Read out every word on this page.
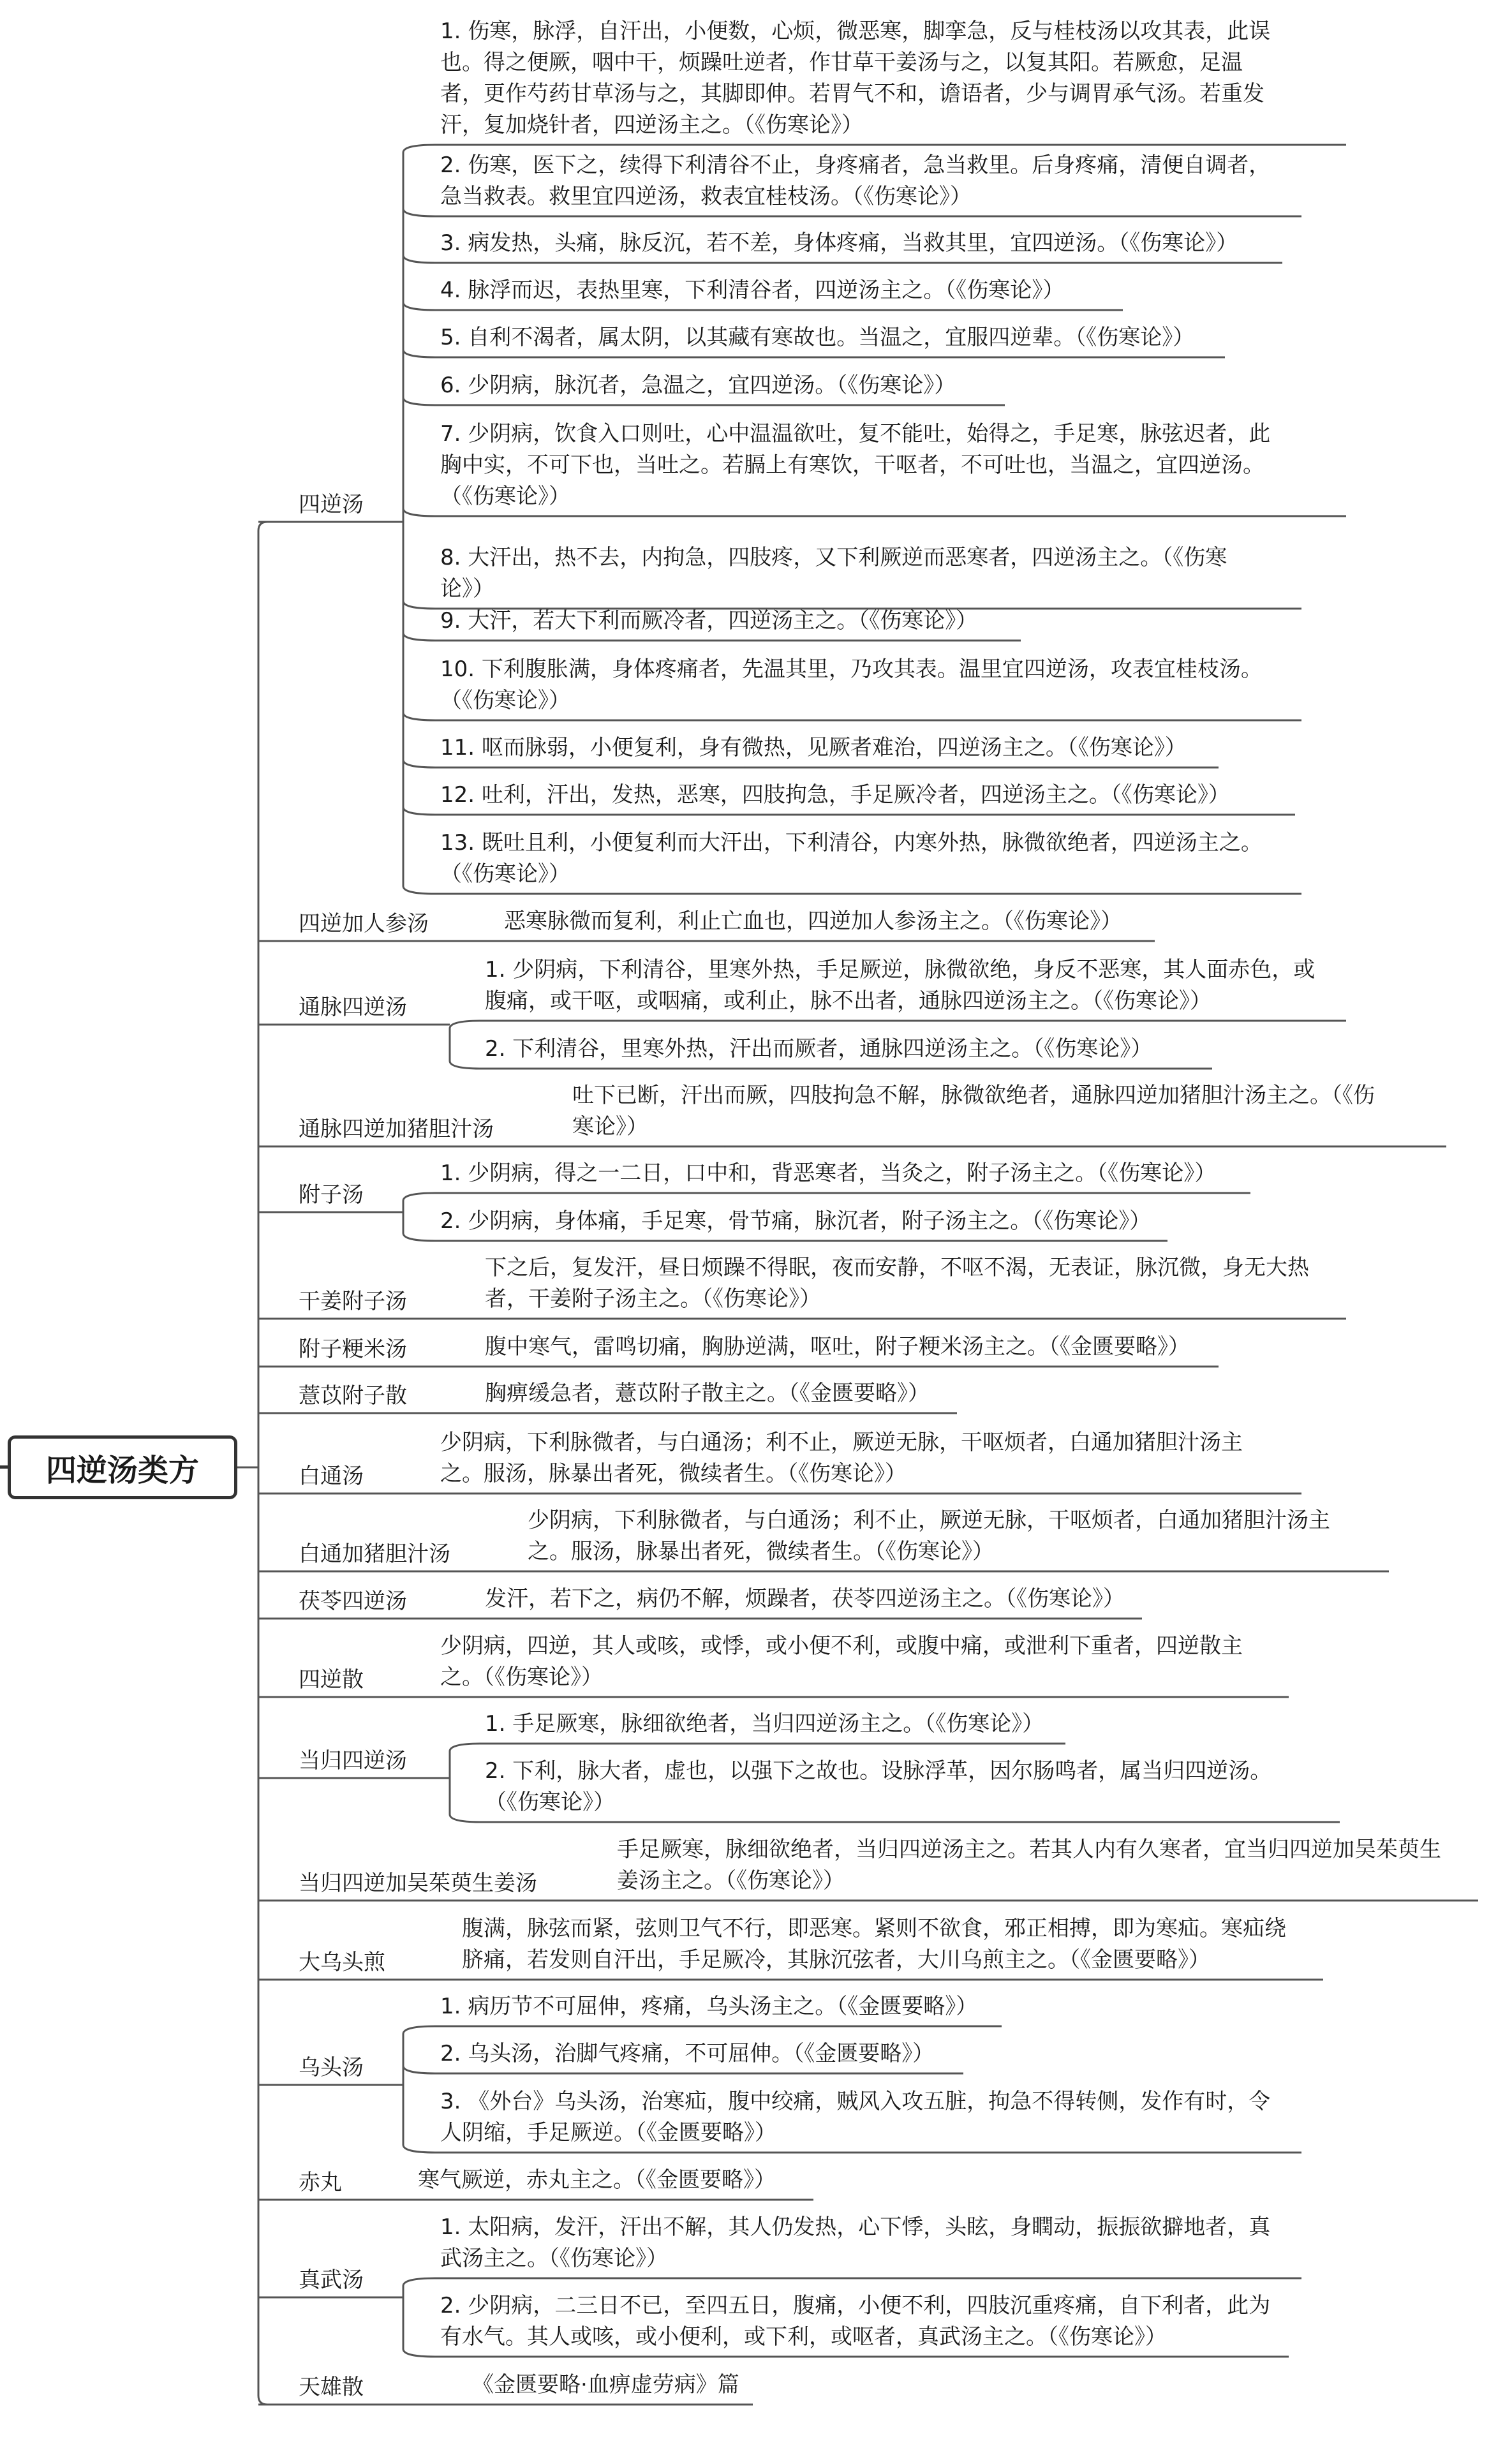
四逆汤类方
四逆汤
1. 伤寒，脉浮，自汗出，小便数，心烦，微恶寒，脚挛急，反与桂枝汤以攻其表，此误
也。得之便厥，咽中干，烦躁吐逆者，作甘草干姜汤与之，以复其阳。若厥愈，足温
者，更作芍药甘草汤与之，其脚即伸。若胃气不和，谵语者，少与调胃承气汤。若重发
汗，复加烧针者，四逆汤主之。（《伤寒论》）
2. 伤寒，医下之，续得下利清谷不止，身疼痛者，急当救里。后身疼痛，清便自调者，
急当救表。救里宜四逆汤，救表宜桂枝汤。（《伤寒论》）
3. 病发热，头痛，脉反沉，若不差，身体疼痛，当救其里，宜四逆汤。（《伤寒论》）
4. 脉浮而迟，表热里寒，下利清谷者，四逆汤主之。（《伤寒论》）
5. 自利不渴者，属太阴，以其藏有寒故也。当温之，宜服四逆辈。（《伤寒论》）
6. 少阴病，脉沉者，急温之，宜四逆汤。（《伤寒论》）
7. 少阴病，饮食入口则吐，心中温温欲吐，复不能吐，始得之，手足寒，脉弦迟者，此
胸中实，不可下也，当吐之。若膈上有寒饮，干呕者，不可吐也，当温之，宜四逆汤。
（《伤寒论》）
8. 大汗出，热不去，内拘急，四肢疼，又下利厥逆而恶寒者，四逆汤主之。（《伤寒
论》）
9. 大汗，若大下利而厥冷者，四逆汤主之。（《伤寒论》）
10. 下利腹胀满，身体疼痛者，先温其里，乃攻其表。温里宜四逆汤，攻表宜桂枝汤。
（《伤寒论》）
11. 呕而脉弱，小便复利，身有微热，见厥者难治，四逆汤主之。（《伤寒论》）
12. 吐利，汗出，发热，恶寒，四肢拘急，手足厥冷者，四逆汤主之。（《伤寒论》）
13. 既吐且利，小便复利而大汗出，下利清谷，内寒外热，脉微欲绝者，四逆汤主之。
（《伤寒论》）
四逆加人参汤	恶寒脉微而复利，利止亡血也，四逆加人参汤主之。（《伤寒论》）
通脉四逆汤
1. 少阴病，下利清谷，里寒外热，手足厥逆，脉微欲绝，身反不恶寒，其人面赤色，或
腹痛，或干呕，或咽痛，或利止，脉不出者，通脉四逆汤主之。（《伤寒论》）
2. 下利清谷，里寒外热，汗出而厥者，通脉四逆汤主之。（《伤寒论》）
通脉四逆加猪胆汁汤
吐下已断，汗出而厥，四肢拘急不解，脉微欲绝者，通脉四逆加猪胆汁汤主之。（《伤
寒论》）
附子汤
1. 少阴病，得之一二日，口中和，背恶寒者，当灸之，附子汤主之。（《伤寒论》）
2. 少阴病，身体痛，手足寒，骨节痛，脉沉者，附子汤主之。（《伤寒论》）
干姜附子汤
下之后，复发汗，昼日烦躁不得眠，夜而安静，不呕不渴，无表证，脉沉微，身无大热
者，干姜附子汤主之。（《伤寒论》）
附子粳米汤	腹中寒气，雷鸣切痛，胸胁逆满，呕吐，附子粳米汤主之。（《金匮要略》）
薏苡附子散	胸痹缓急者，薏苡附子散主之。（《金匮要略》）
白通汤
少阴病，下利脉微者，与白通汤；利不止，厥逆无脉，干呕烦者，白通加猪胆汁汤主
之。服汤，脉暴出者死，微续者生。（《伤寒论》）
白通加猪胆汁汤
少阴病，下利脉微者，与白通汤；利不止，厥逆无脉，干呕烦者，白通加猪胆汁汤主
之。服汤，脉暴出者死，微续者生。（《伤寒论》）
茯苓四逆汤	发汗，若下之，病仍不解，烦躁者，茯苓四逆汤主之。（《伤寒论》）
四逆散
少阴病，四逆，其人或咳，或悸，或小便不利，或腹中痛，或泄利下重者，四逆散主
之。（《伤寒论》）
当归四逆汤
1. 手足厥寒，脉细欲绝者，当归四逆汤主之。（《伤寒论》）
2. 下利，脉大者，虚也，以强下之故也。设脉浮革，因尔肠鸣者，属当归四逆汤。
（《伤寒论》）
当归四逆加吴茱萸生姜汤
手足厥寒，脉细欲绝者，当归四逆汤主之。若其人内有久寒者，宜当归四逆加吴茱萸生
姜汤主之。（《伤寒论》）
大乌头煎
腹满，脉弦而紧，弦则卫气不行，即恶寒。紧则不欲食，邪正相搏，即为寒疝。寒疝绕
脐痛，若发则自汗出，手足厥冷，其脉沉弦者，大川乌煎主之。（《金匮要略》）
乌头汤
1. 病历节不可屈伸，疼痛，乌头汤主之。（《金匮要略》）
2. 乌头汤，治脚气疼痛，不可屈伸。（《金匮要略》）
3. 《外台》乌头汤，治寒疝，腹中绞痛，贼风入攻五脏，拘急不得转侧，发作有时，令
人阴缩，手足厥逆。（《金匮要略》）
赤丸	寒气厥逆，赤丸主之。（《金匮要略》）
真武汤
1. 太阳病，发汗，汗出不解，其人仍发热，心下悸，头眩，身瞤动，振振欲擗地者，真
武汤主之。（《伤寒论》）
2. 少阴病，二三日不已，至四五日，腹痛，小便不利，四肢沉重疼痛，自下利者，此为
有水气。其人或咳，或小便利，或下利，或呕者，真武汤主之。（《伤寒论》）
天雄散	《金匮要略·血痹虚劳病》篇
